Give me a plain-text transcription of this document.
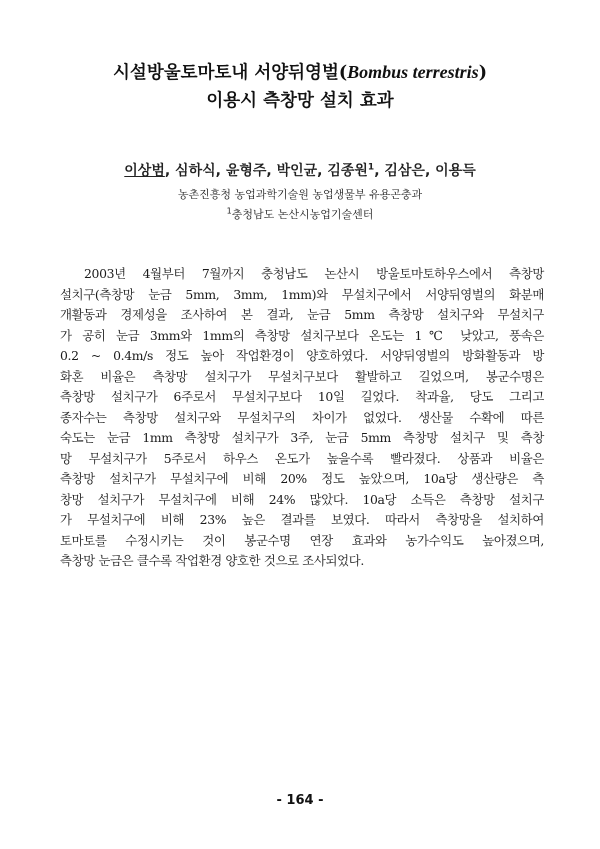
시설방울토마토내 서양뒤영벌(Bombus terrestris)
이용시 측창망 설치 효과
이상범, 심하식, 윤형주, 박인균, 김종원$^1$, 김삼은, 이용득
농촌진흥청 농업과학기술원 농업생물부 유용곤충과
$^1$충청남도 논산시농업기술센터
2003년 4월부터 7월까지 충청남도 논산시 방울토마토하우스에서 측창망
설치구(측창망 눈금 5mm, 3mm, 1mm)와 무설치구에서 서양뒤영벌의 화분매
개활동과 경제성을 조사하여 본 결과, 눈금 5mm 측창망 설치구와 무설치구
가 공히 눈금 3mm와 1mm의 측창망 설치구보다 온도는 1℃ 낮았고, 풍속은
0.2 ~ 0.4m/s 정도 높아 작업환경이 양호하였다. 서양뒤영벌의 방화활동과 방
화혼 비율은 측창망 설치구가 무설치구보다 활발하고 길었으며, 봉군수명은
측창망 설치구가 6주로서 무설치구보다 10일 길었다. 착과율, 당도 그리고
종자수는 측창망 설치구와 무설치구의 차이가 없었다. 생산물 수확에 따른
숙도는 눈금 1mm 측창망 설치구가 3주, 눈금 5mm 측창망 설치구 및 측창
망 무설치구가 5주로서 하우스 온도가 높을수록 빨라졌다. 상품과 비율은
측창망 설치구가 무설치구에 비해 20% 정도 높았으며, 10a당 생산량은 측
창망 설치구가 무설치구에 비해 24% 많았다. 10a당 소득은 측창망 설치구
가 무설치구에 비해 23% 높은 결과를 보였다. 따라서 측창망을 설치하여
토마토를 수정시키는 것이 봉군수명 연장 효과와 농가수익도 높아졌으며,
측창망 눈금은 클수록 작업환경 양호한 것으로 조사되었다.
- 164 -
